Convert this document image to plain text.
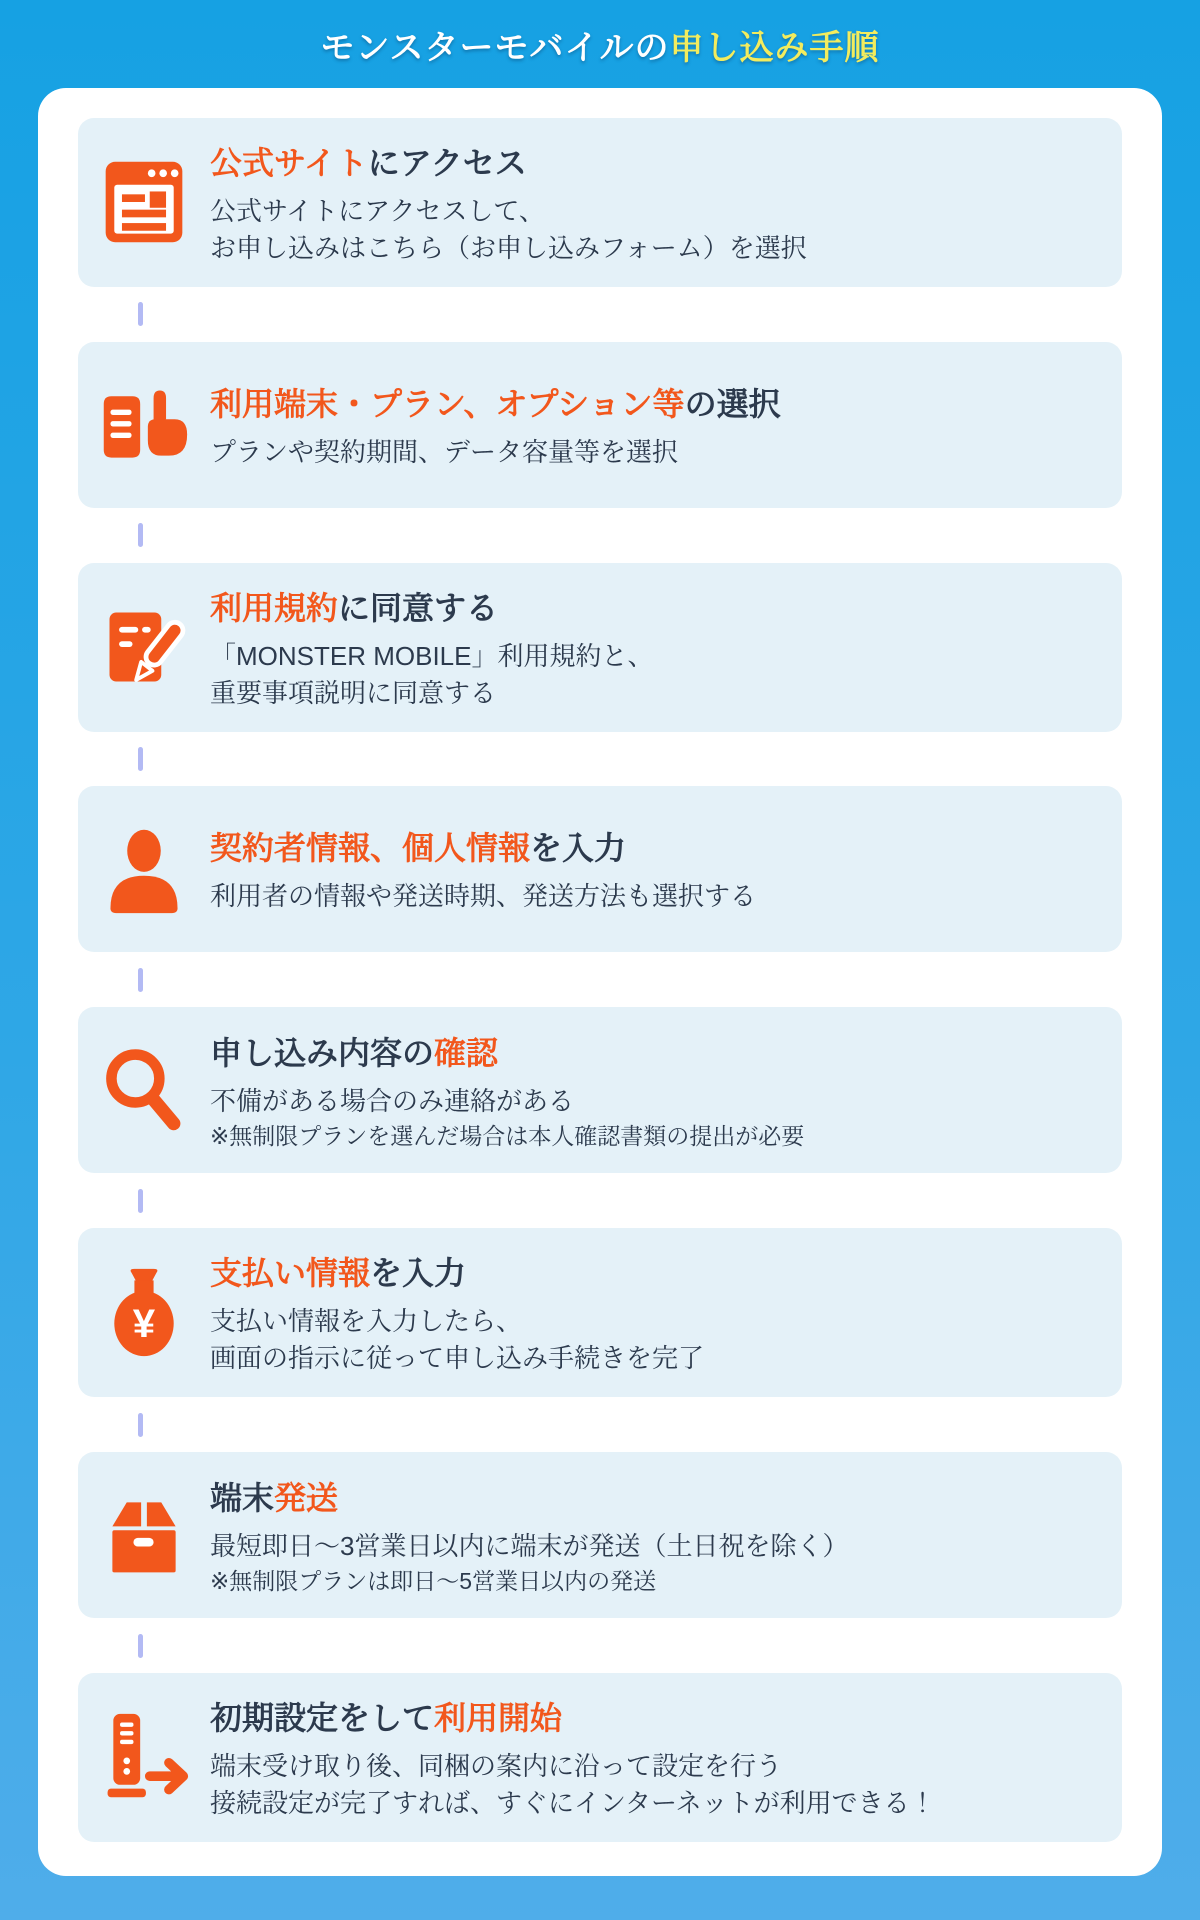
モンスターモバイルの申し込み手順
公式サイトにアクセス
公式サイトにアクセスして、
お申し込みはこちら（お申し込みフォーム）を選択
利用端末・プラン、オプション等の選択
プランや契約期間、データ容量等を選択
利用規約に同意する
「MONSTER MOBILE」利用規約と、
重要事項説明に同意する
契約者情報、個人情報を入力
利用者の情報や発送時期、発送方法も選択する
申し込み内容の確認
不備がある場合のみ連絡がある
※無制限プランを選んだ場合は本人確認書類の提出が必要
支払い情報を入力
支払い情報を入力したら、
画面の指示に従って申し込み手続きを完了
端末発送
最短即日～3営業日以内に端末が発送（土日祝を除く）
※無制限プランは即日～5営業日以内の発送
初期設定をして利用開始
端末受け取り後、同梱の案内に沿って設定を行う
接続設定が完了すれば、すぐにインターネットが利用できる！
